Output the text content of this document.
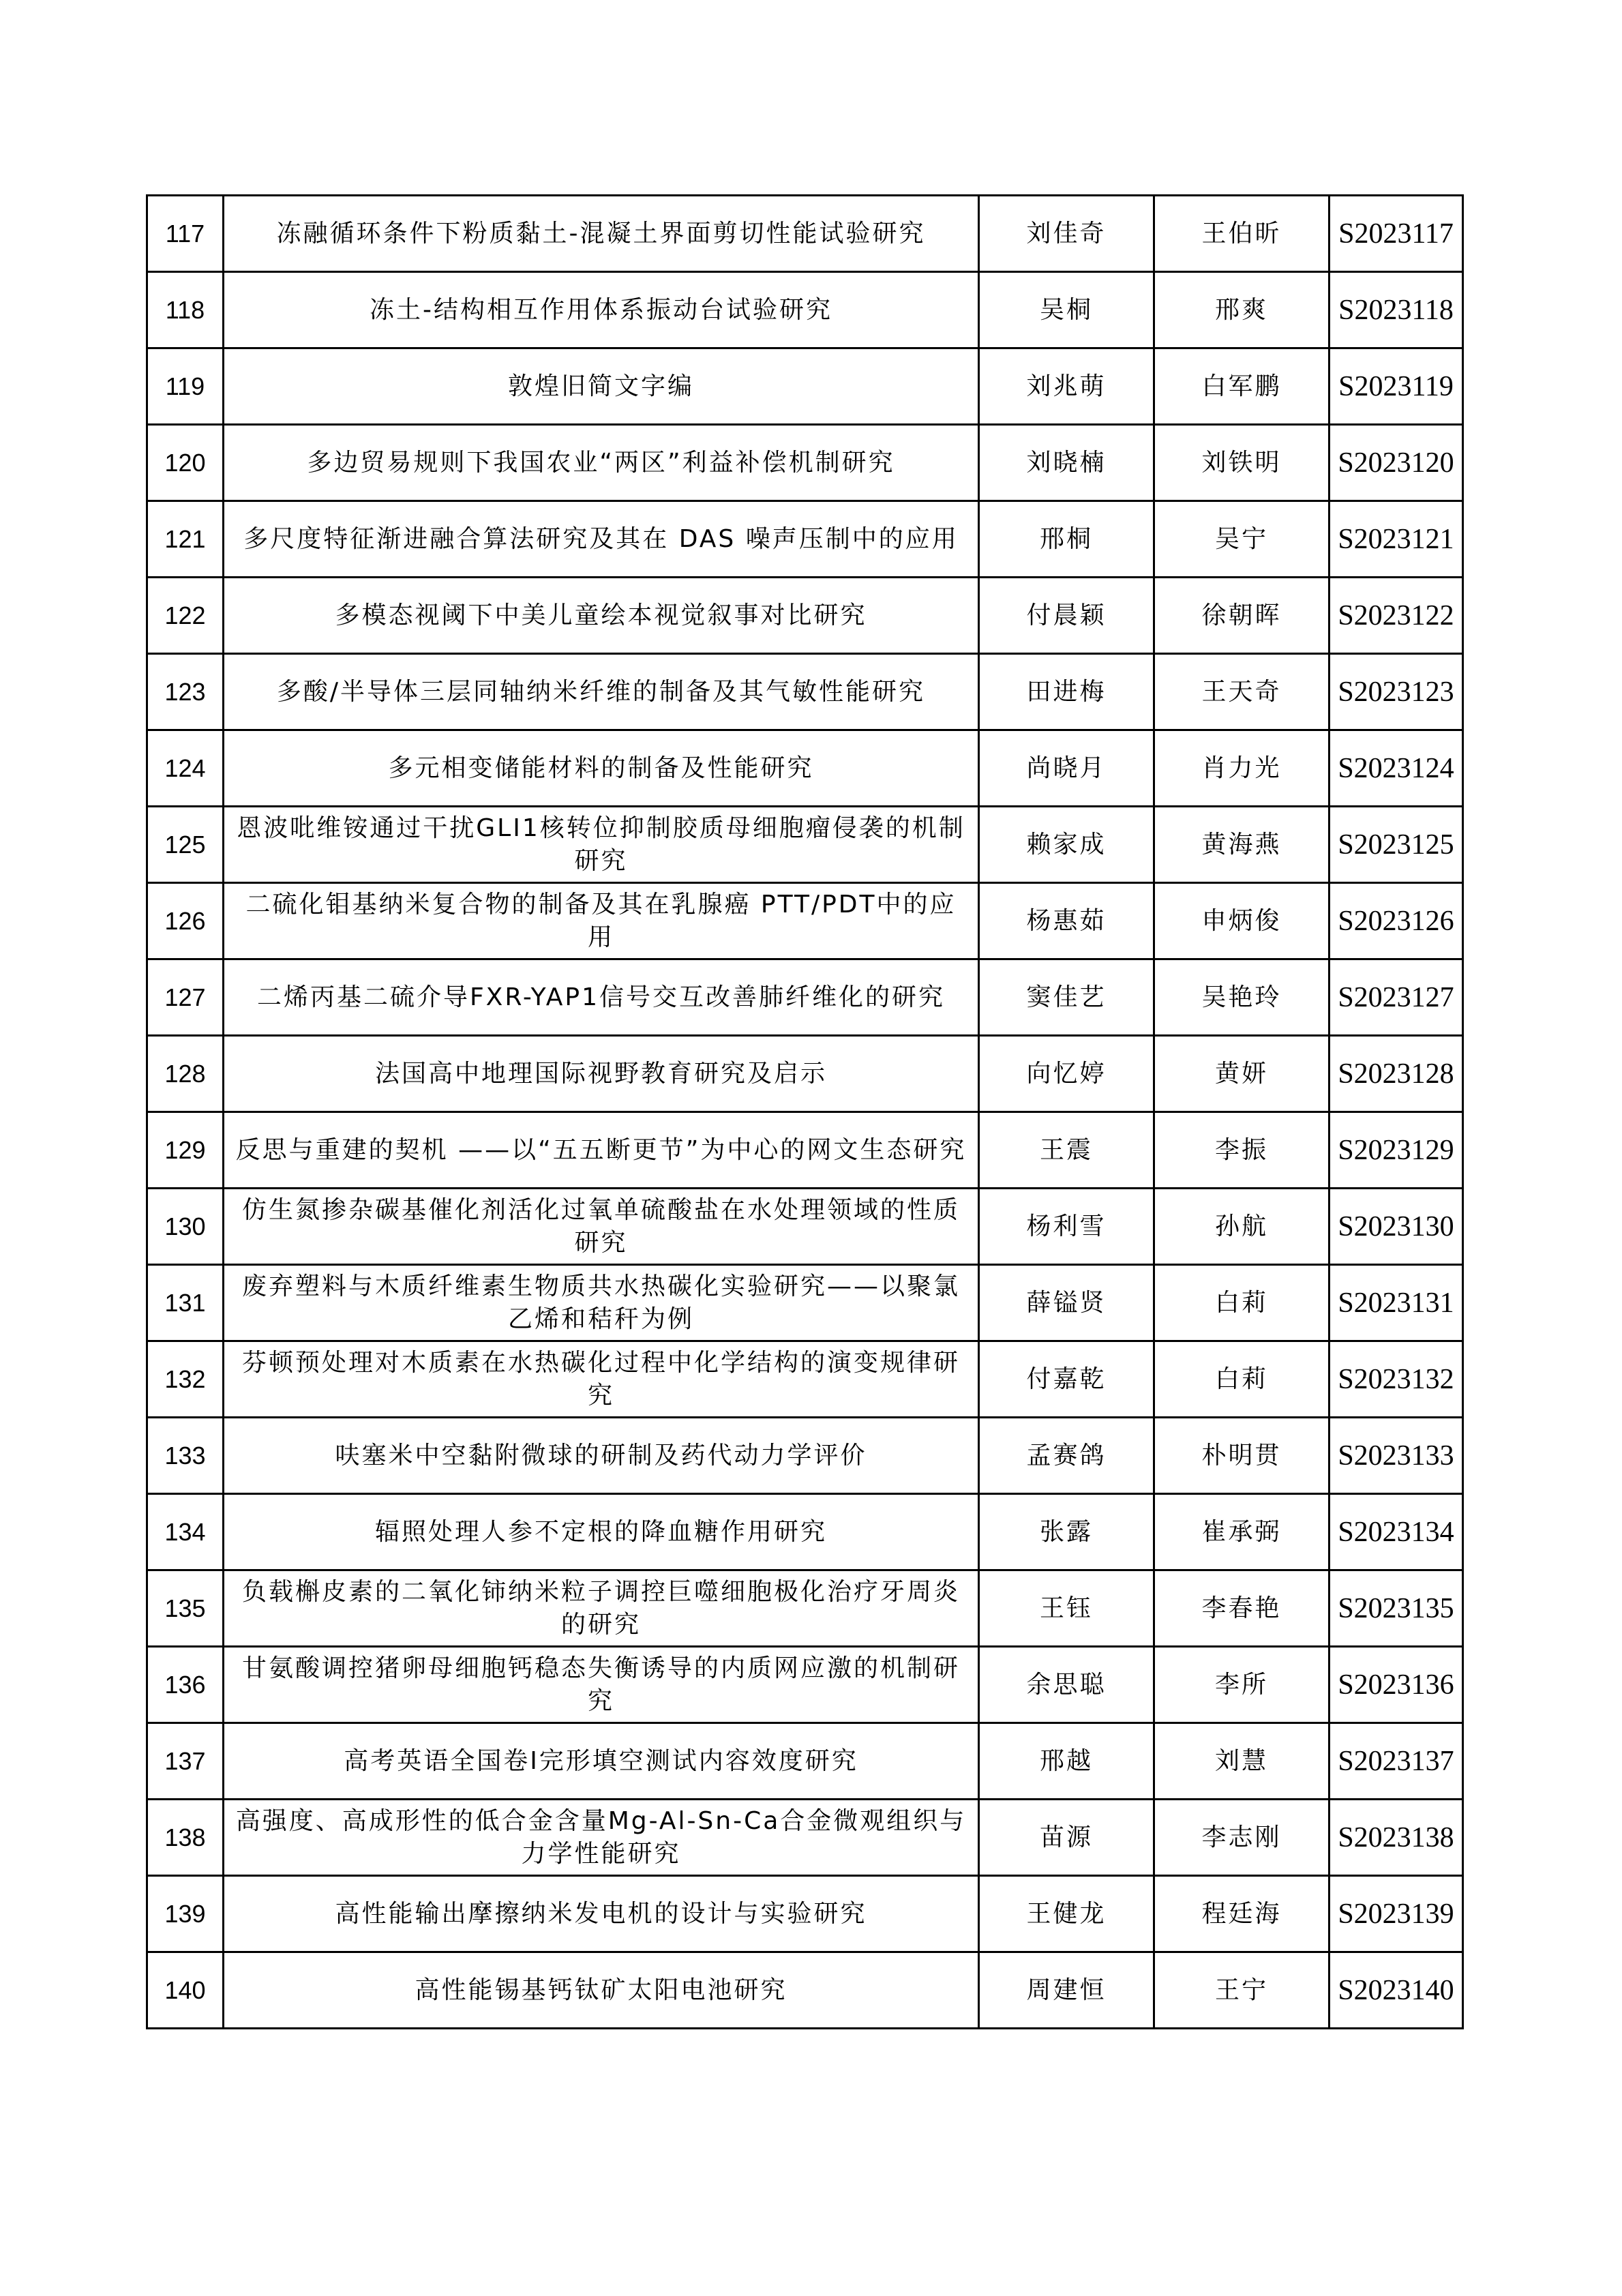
117	冻融循环条件下粉质黏土-混凝土界面剪切性能试验研究	刘佳奇	王伯昕	S2023117
118	冻土-结构相互作用体系振动台试验研究	吴桐	邢爽	S2023118
119	敦煌旧简文字编	刘兆萌	白军鹏	S2023119
120	多边贸易规则下我国农业“两区”利益补偿机制研究	刘晓楠	刘铁明	S2023120
121	多尺度特征渐进融合算法研究及其在 DAS 噪声压制中的应用	邢桐	吴宁	S2023121
122	多模态视阈下中美儿童绘本视觉叙事对比研究	付晨颖	徐朝晖	S2023122
123	多酸/半导体三层同轴纳米纤维的制备及其气敏性能研究	田进梅	王天奇	S2023123
124	多元相变储能材料的制备及性能研究	尚晓月	肖力光	S2023124
125	恩波吡维铵通过干扰GLI1核转位抑制胶质母细胞瘤侵袭的机制研究	赖家成	黄海燕	S2023125
126	二硫化钼基纳米复合物的制备及其在乳腺癌 PTT/PDT中的应用	杨惠茹	申炳俊	S2023126
127	二烯丙基二硫介导FXR-YAP1信号交互改善肺纤维化的研究	窦佳艺	吴艳玲	S2023127
128	法国高中地理国际视野教育研究及启示	向忆婷	黄妍	S2023128
129	反思与重建的契机 ——以“五五断更节”为中心的网文生态研究	王震	李振	S2023129
130	仿生氮掺杂碳基催化剂活化过氧单硫酸盐在水处理领域的性质研究	杨利雪	孙航	S2023130
131	废弃塑料与木质纤维素生物质共水热碳化实验研究——以聚氯乙烯和秸秆为例	薛镒贤	白莉	S2023131
132	芬顿预处理对木质素在水热碳化过程中化学结构的演变规律研究	付嘉乾	白莉	S2023132
133	呋塞米中空黏附微球的研制及药代动力学评价	孟赛鸽	朴明贯	S2023133
134	辐照处理人参不定根的降血糖作用研究	张露	崔承弼	S2023134
135	负载槲皮素的二氧化铈纳米粒子调控巨噬细胞极化治疗牙周炎的研究	王钰	李春艳	S2023135
136	甘氨酸调控猪卵母细胞钙稳态失衡诱导的内质网应激的机制研究	余思聪	李所	S2023136
137	高考英语全国卷Ⅰ完形填空测试内容效度研究	邢越	刘慧	S2023137
138	高强度、高成形性的低合金含量Mg-Al-Sn-Ca合金微观组织与力学性能研究	苗源	李志刚	S2023138
139	高性能输出摩擦纳米发电机的设计与实验研究	王健龙	程廷海	S2023139
140	高性能锡基钙钛矿太阳电池研究	周建恒	王宁	S2023140
